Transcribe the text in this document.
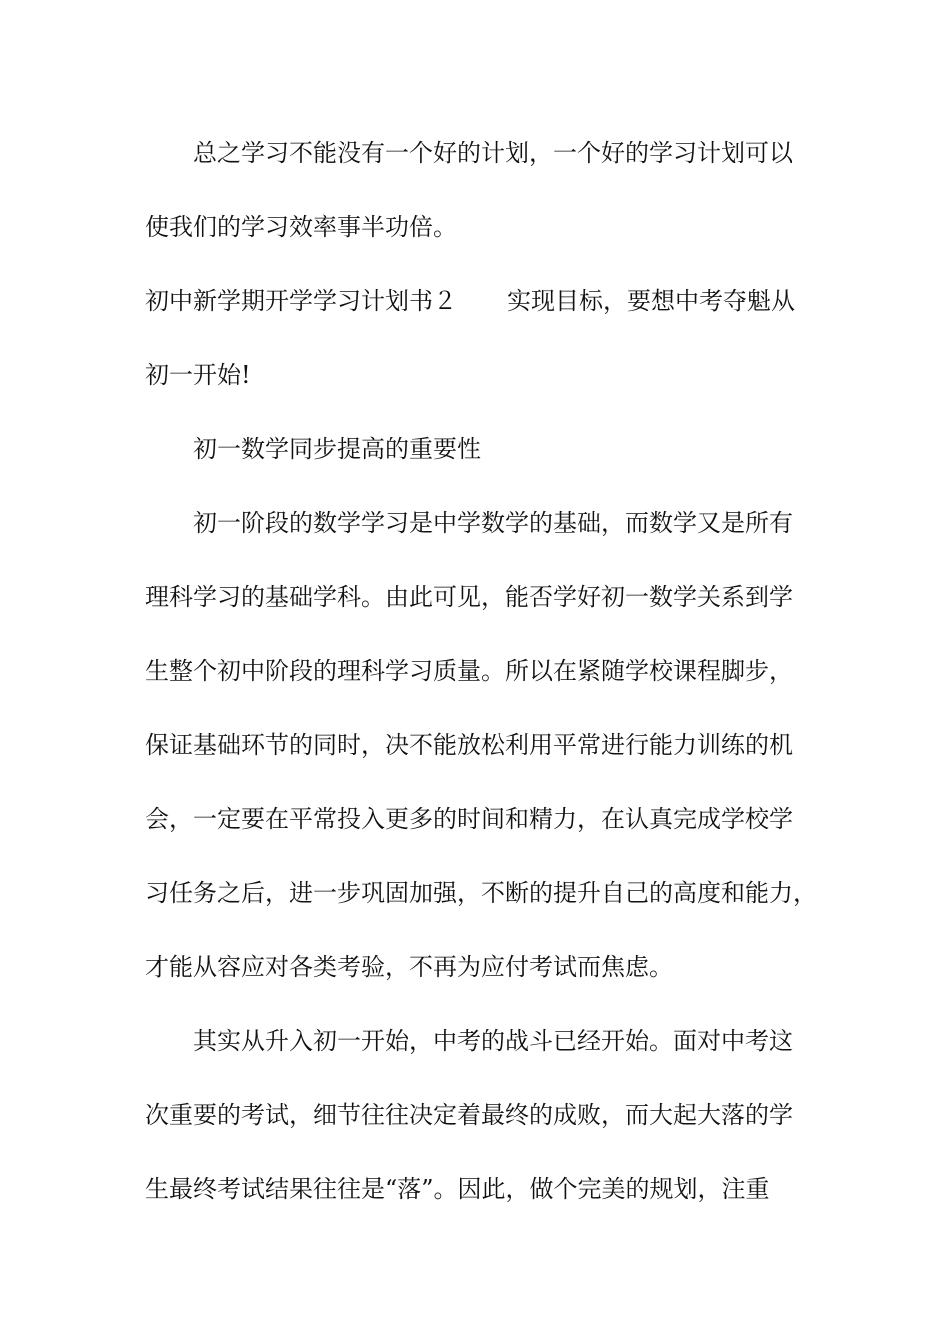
总之学习不能没有一个好的计划，一个好的学习计划可以
使我们的学习效率事半功倍。
初中新学期开学学习计划书２ 实现目标，要想中考夺魁从
初一开始!
初一数学同步提高的重要性
初一阶段的数学学习是中学数学的基础，而数学又是所有
理科学习的基础学科。由此可见，能否学好初一数学关系到学
生整个初中阶段的理科学习质量。所以在紧随学校课程脚步，
保证基础环节的同时，决不能放松利用平常进行能力训练的机
会，一定要在平常投入更多的时间和精力，在认真完成学校学
习任务之后，进一步巩固加强，不断的提升自己的高度和能力，
才能从容应对各类考验，不再为应付考试而焦虑。
其实从升入初一开始，中考的战斗已经开始。面对中考这
次重要的考试，细节往往决定着最终的成败，而大起大落的学
生最终考试结果往往是“落”。因此，做个完美的规划，注重
